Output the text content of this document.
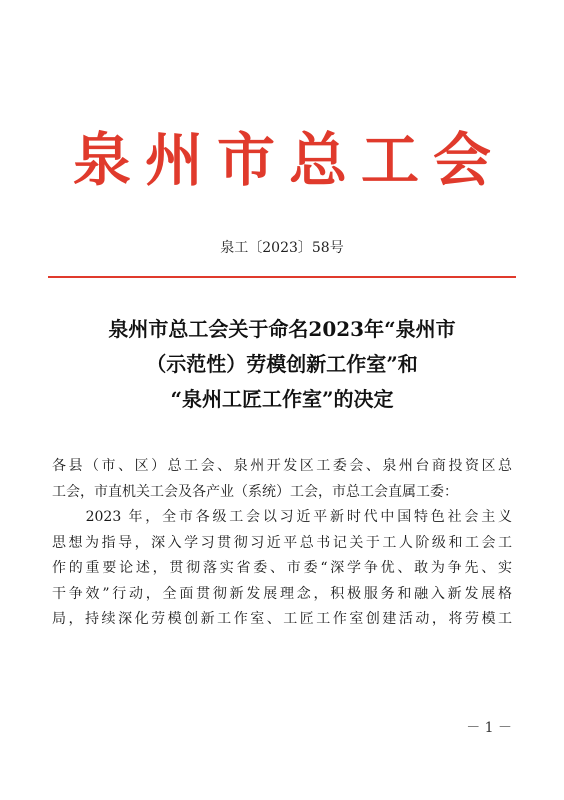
泉州市总工会
泉工〔2023〕58号
泉州市总工会关于命名2023年“泉州市
（示范性）劳模创新工作室”和
“泉州工匠工作室”的决定
各县（市、区）总工会、泉州开发区工委会、泉州台商投资区总
工会，市直机关工会及各产业（系统）工会，市总工会直属工委：
　　2023 年，全市各级工会以习近平新时代中国特色社会主义
思想为指导，深入学习贯彻习近平总书记关于工人阶级和工会工
作的重要论述，贯彻落实省委、市委“深学争优、敢为争先、实
干争效”行动，全面贯彻新发展理念，积极服务和融入新发展格
局，持续深化劳模创新工作室、工匠工作室创建活动，将劳模工
－ 1 －
